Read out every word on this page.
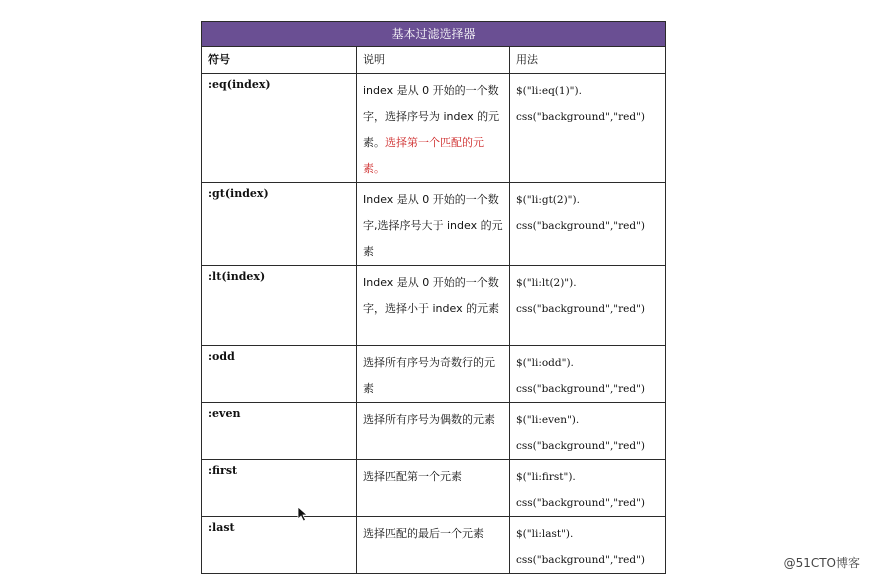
基本过滤选择器		
符号	说明	用法
:eq(index)	index 是从 0 开始的一个数字，选择序号为 index 的元素。选择第一个匹配的元素。	$("li:eq(1)").
css("background","red")

:gt(index)	Index 是从 0 开始的一个数字,选择序号大于 index 的元素	$("li:gt(2)").
css("background","red")

:lt(index)	Index 是从 0 开始的一个数字，选择小于 index 的元素	$("li:lt(2)").
css("background","red")

:odd	选择所有序号为奇数行的元素	$("li:odd").
css("background","red")

:even	选择所有序号为偶数的元素	$("li:even").
css("background","red")

:first	选择匹配第一个元素	$("li:first").
css("background","red")

:last	选择匹配的最后一个元素	$("li:last").
css("background","red")	@51CTO博客
